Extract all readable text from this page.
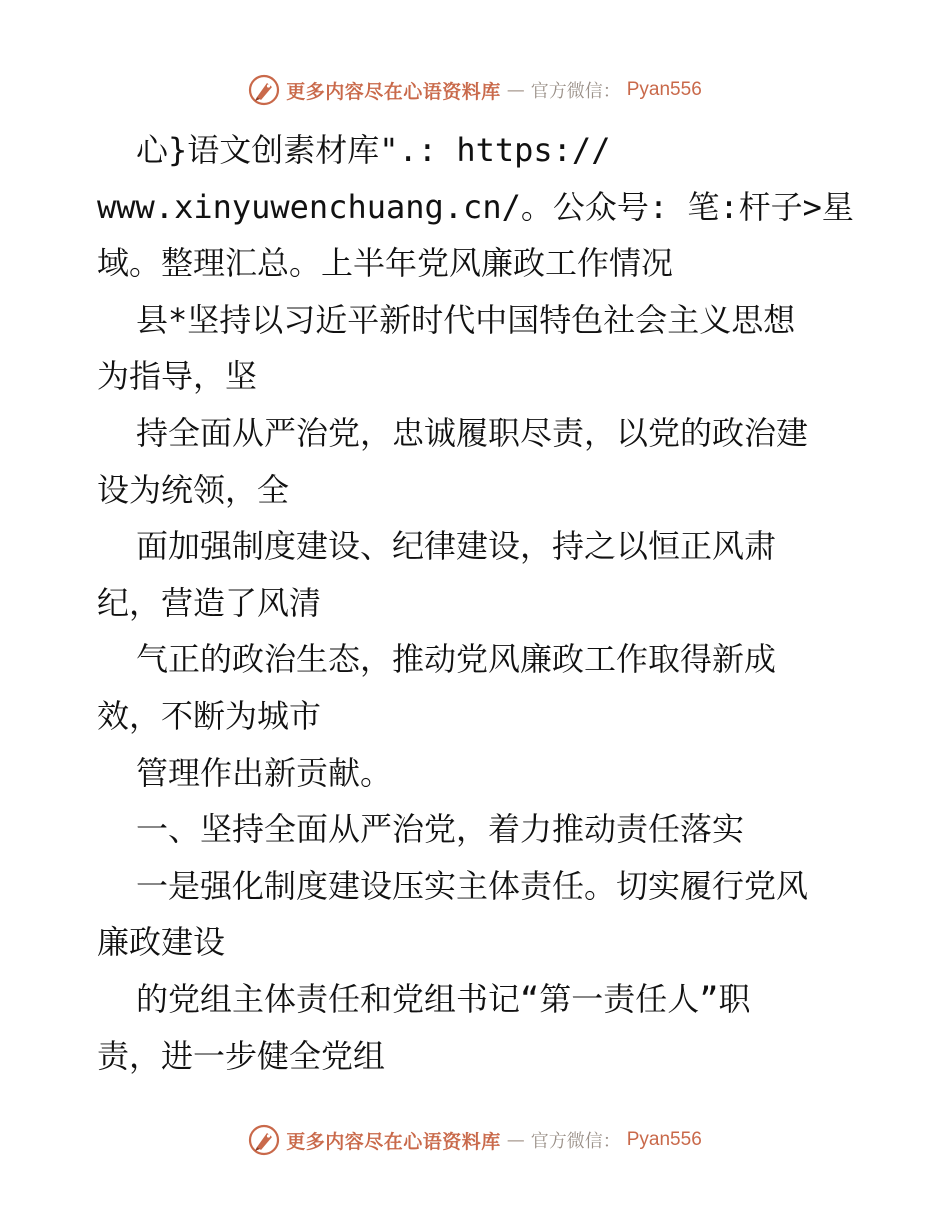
更多内容尽在心语资料库 — 官方微信： Pyan556
心}语文创素材库".: https://
www.xinyuwenchuang.cn/。公众号: 笔:杆子>星
域。整理汇总。上半年党风廉政工作情况
县*坚持以习近平新时代中国特色社会主义思想
为指导，坚
持全面从严治党，忠诚履职尽责，以党的政治建
设为统领，全
面加强制度建设、纪律建设，持之以恒正风肃
纪，营造了风清
气正的政治生态，推动党风廉政工作取得新成
效，不断为城市
管理作出新贡献。
一、坚持全面从严治党，着力推动责任落实
一是强化制度建设压实主体责任。切实履行党风
廉政建设
的党组主体责任和党组书记“第一责任人”职
责，进一步健全党组
更多内容尽在心语资料库 — 官方微信： Pyan556
